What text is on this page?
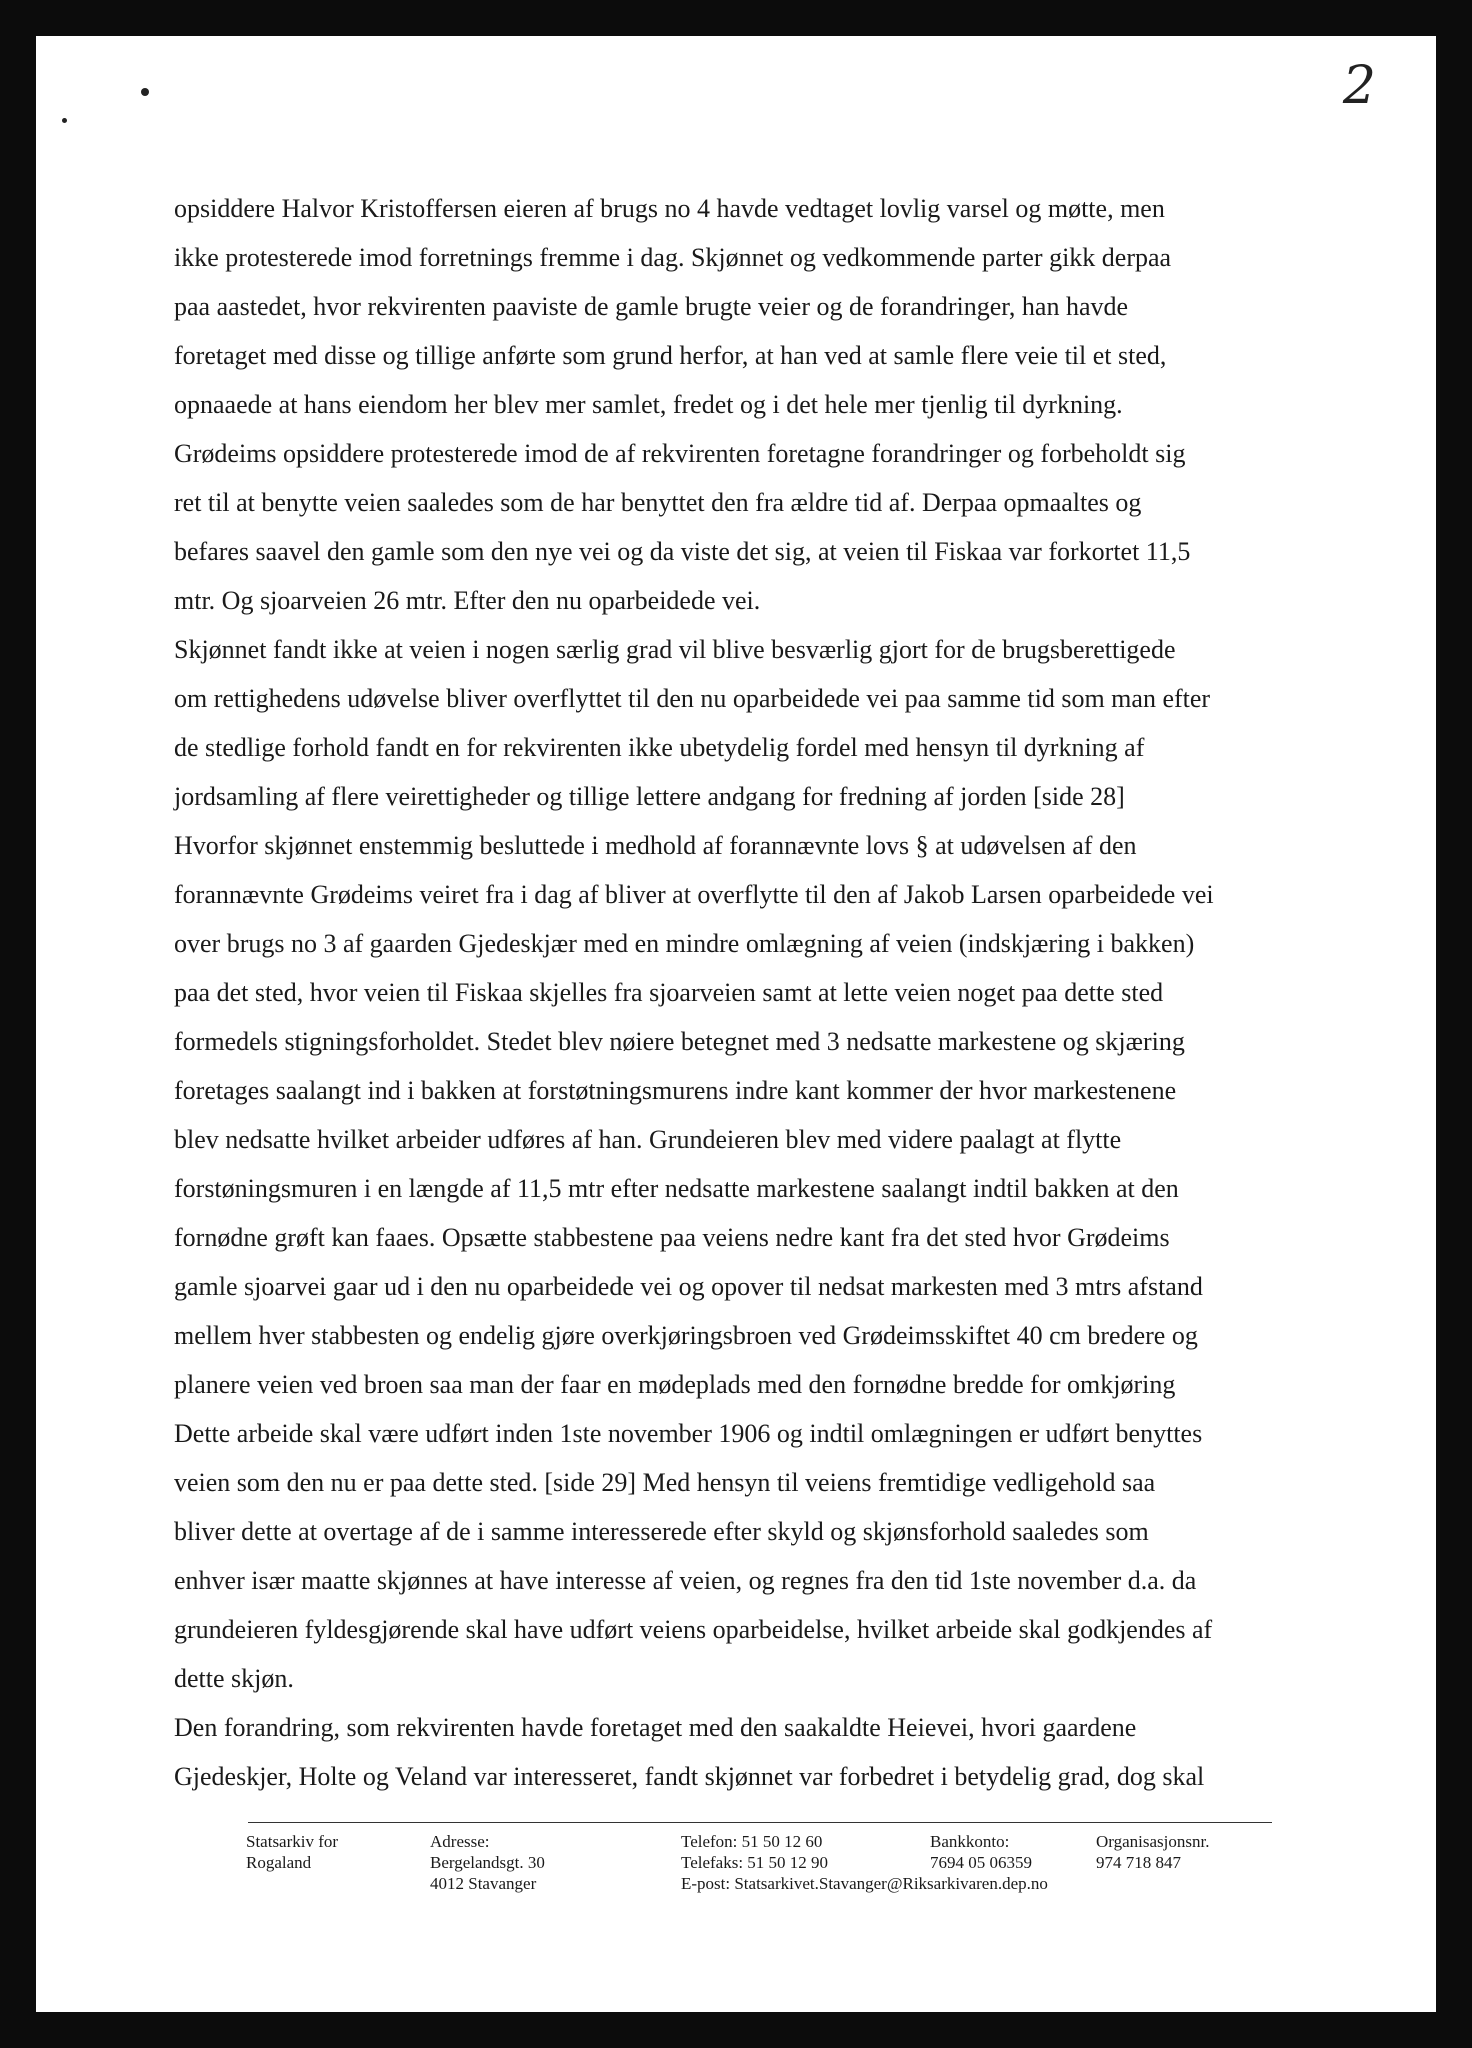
2
opsiddere Halvor Kristoffersen eieren af brugs no 4 havde vedtaget lovlig varsel og møtte, men
ikke protesterede imod forretnings fremme i dag. Skjønnet og vedkommende parter gikk derpaa
paa aastedet, hvor rekvirenten paaviste de gamle brugte veier og de forandringer, han havde
foretaget med disse og tillige anførte som grund herfor, at han ved at samle flere veie til et sted,
opnaaede at hans eiendom her blev mer samlet, fredet og i det hele mer tjenlig til dyrkning.
Grødeims opsiddere protesterede imod de af rekvirenten foretagne forandringer og forbeholdt sig
ret til at benytte veien saaledes som de har benyttet den fra ældre tid af. Derpaa opmaaltes og
befares saavel den gamle som den nye vei og da viste det sig, at veien til Fiskaa var forkortet 11,5
mtr. Og sjoarveien 26 mtr. Efter den nu oparbeidede vei.
Skjønnet fandt ikke at veien i nogen særlig grad vil blive besværlig gjort for de brugsberettigede
om rettighedens udøvelse bliver overflyttet til den nu oparbeidede vei paa samme tid som man efter
de stedlige forhold fandt en for rekvirenten ikke ubetydelig fordel med hensyn til dyrkning af
jordsamling af flere veirettigheder og tillige lettere andgang for fredning af jorden [side 28]
Hvorfor skjønnet enstemmig besluttede i medhold af forannævnte lovs § at udøvelsen af den
forannævnte Grødeims veiret fra i dag af bliver at overflytte til den af Jakob Larsen oparbeidede vei
over brugs no 3 af gaarden Gjedeskjær med en mindre omlægning af veien (indskjæring i bakken)
paa det sted, hvor veien til Fiskaa skjelles fra sjoarveien samt at lette veien noget paa dette sted
formedels stigningsforholdet. Stedet blev nøiere betegnet med 3 nedsatte markestene og skjæring
foretages saalangt ind i bakken at forstøtningsmurens indre kant kommer der hvor markestenene
blev nedsatte hvilket arbeider udføres af han. Grundeieren blev med videre paalagt at flytte
forstøningsmuren i en længde af 11,5 mtr efter nedsatte markestene saalangt indtil bakken at den
fornødne grøft kan faaes. Opsætte stabbestene paa veiens nedre kant fra det sted hvor Grødeims
gamle sjoarvei gaar ud i den nu oparbeidede vei og opover til nedsat markesten med 3 mtrs afstand
mellem hver stabbesten og endelig gjøre overkjøringsbroen ved Grødeimsskiftet 40 cm bredere og
planere veien ved broen saa man der faar en mødeplads med den fornødne bredde for omkjøring
Dette arbeide skal være udført inden 1ste november 1906 og indtil omlægningen er udført benyttes
veien som den nu er paa dette sted. [side 29] Med hensyn til veiens fremtidige vedligehold saa
bliver dette at overtage af de i samme interesserede efter skyld og skjønsforhold saaledes som
enhver især maatte skjønnes at have interesse af veien, og regnes fra den tid 1ste november d.a. da
grundeieren fyldesgjørende skal have udført veiens oparbeidelse, hvilket arbeide skal godkjendes af
dette skjøn.
Den forandring, som rekvirenten havde foretaget med den saakaldte Heievei, hvori gaardene
Gjedeskjer, Holte og Veland var interesseret, fandt skjønnet var forbedret i betydelig grad, dog skal
Statsarkiv for
Rogaland
Adresse:
Bergelandsgt. 30
4012 Stavanger
Telefon: 51 50 12 60
Telefaks: 51 50 12 90
E-post: Statsarkivet.Stavanger@Riksarkivaren.dep.no
Bankkonto:
7694 05 06359
Organisasjonsnr.
974 718 847
